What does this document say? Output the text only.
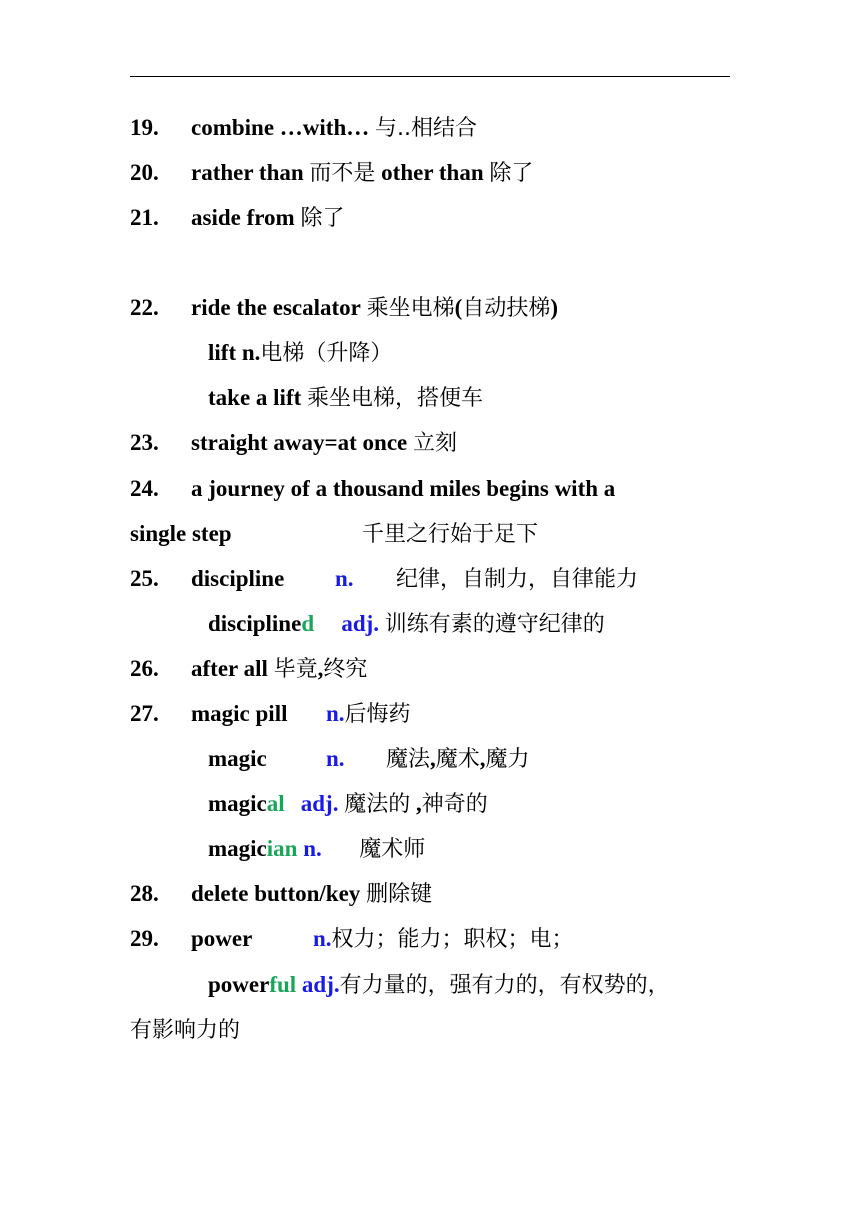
19. combine …with… 与..相结合
20. rather than 而不是 other than 除了
21. aside from 除了
22. ride the escalator 乘坐电梯(自动扶梯)
lift n.电梯（升降）
take a lift 乘坐电梯，搭便车
23. straight away=at once 立刻
24. a journey of a thousand miles begins with a
single step	千里之行始于足下
25. discipline n. 纪律，自制力，自律能力
disciplined adj. 训练有素的遵守纪律的
26. after all 毕竟,终究
27. magic pill n.后悔药
magic	n. 魔法,魔术,魔力
magical adj. 魔法的 ,神奇的
magician n. 魔术师
28. delete button/key 删除键
29. power	n.权力；能力；职权；电；
powerful adj.有力量的，强有力的，有权势的，
有影响力的
